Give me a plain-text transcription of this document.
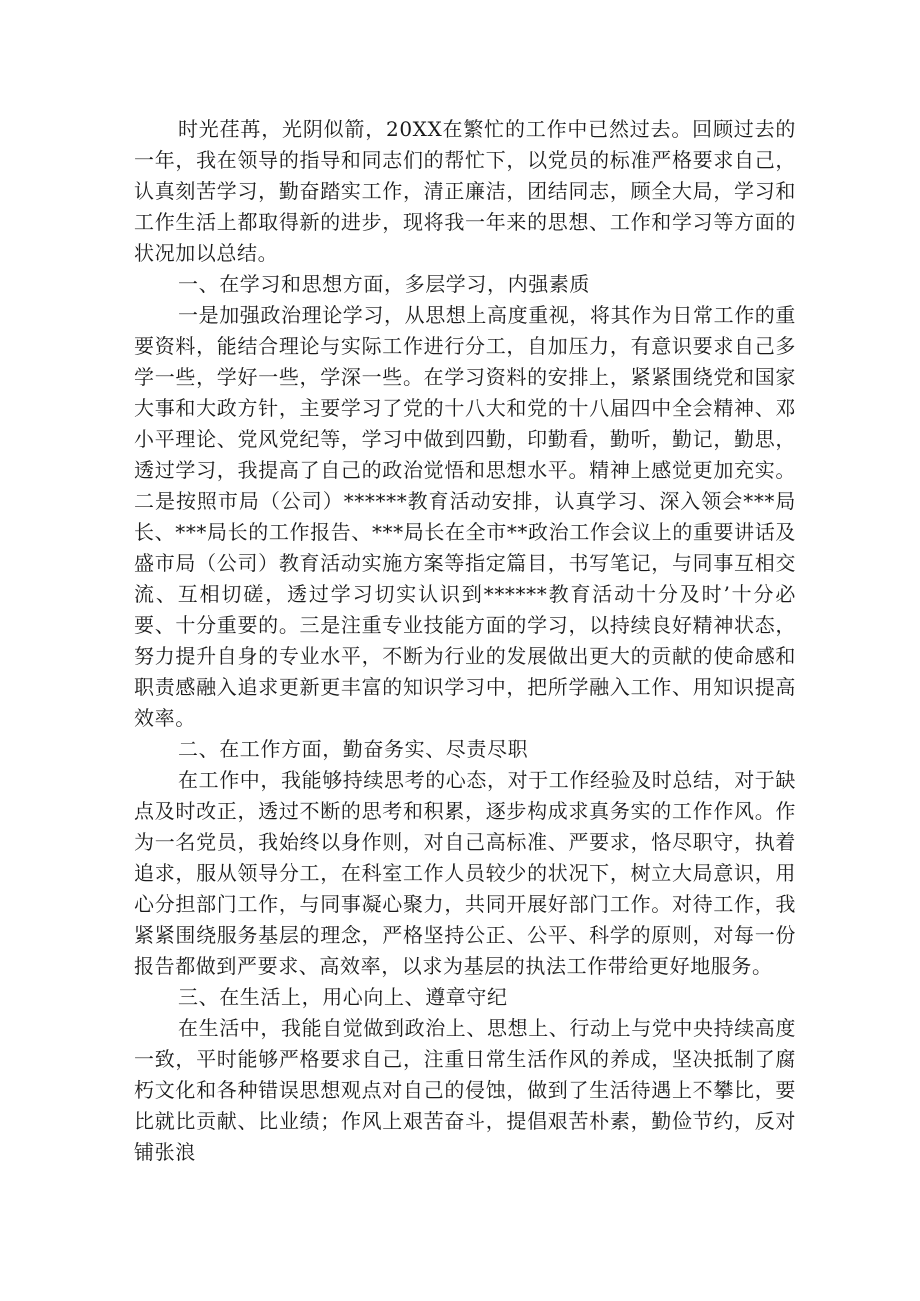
时光荏苒，光阴似箭，20XX在繁忙的工作中已然过去。回顾过去的一年，我在领导的指导和同志们的帮忙下，以党员的标准严格要求自己，认真刻苦学习，勤奋踏实工作，清正廉洁，团结同志，顾全大局，学习和工作生活上都取得新的进步，现将我一年来的思想、工作和学习等方面的状况加以总结。

一、在学习和思想方面，多层学习，内强素质

一是加强政治理论学习，从思想上高度重视，将其作为日常工作的重要资料，能结合理论与实际工作进行分工，自加压力，有意识要求自己多学一些，学好一些，学深一些。在学习资料的安排上，紧紧围绕党和国家大事和大政方针，主要学习了党的十八大和党的十八届四中全会精神、邓小平理论、党风党纪等，学习中做到四勤，印勤看，勤听，勤记，勤思，透过学习，我提高了自己的政治觉悟和思想水平。精神上感觉更加充实。二是按照市局（公司）******教育活动安排，认真学习、深入领会***局长、***局长的工作报告、***局长在全市**政治工作会议上的重要讲话及盛市局（公司）教育活动实施方案等指定篇目，书写笔记，与同事互相交流、互相切磋，透过学习切实认识到******教育活动十分及时’十分必要、十分重要的。三是注重专业技能方面的学习，以持续良好精神状态，努力提升自身的专业水平，不断为行业的发展做出更大的贡献的使命感和职责感融入追求更新更丰富的知识学习中，把所学融入工作、用知识提高效率。

二、在工作方面，勤奋务实、尽责尽职

在工作中，我能够持续思考的心态，对于工作经验及时总结，对于缺点及时改正，透过不断的思考和积累，逐步构成求真务实的工作作风。作为一名党员，我始终以身作则，对自己高标准、严要求，恪尽职守，执着追求，服从领导分工，在科室工作人员较少的状况下，树立大局意识，用心分担部门工作，与同事凝心聚力，共同开展好部门工作。对待工作，我紧紧围绕服务基层的理念，严格坚持公正、公平、科学的原则，对每一份报告都做到严要求、高效率，以求为基层的执法工作带给更好地服务。

三、在生活上，用心向上、遵章守纪

在生活中，我能自觉做到政治上、思想上、行动上与党中央持续高度一致，平时能够严格要求自己，注重日常生活作风的养成，坚决抵制了腐朽文化和各种错误思想观点对自己的侵蚀，做到了生活待遇上不攀比，要比就比贡献、比业绩；作风上艰苦奋斗，提倡艰苦朴素，勤俭节约，反对铺张浪
